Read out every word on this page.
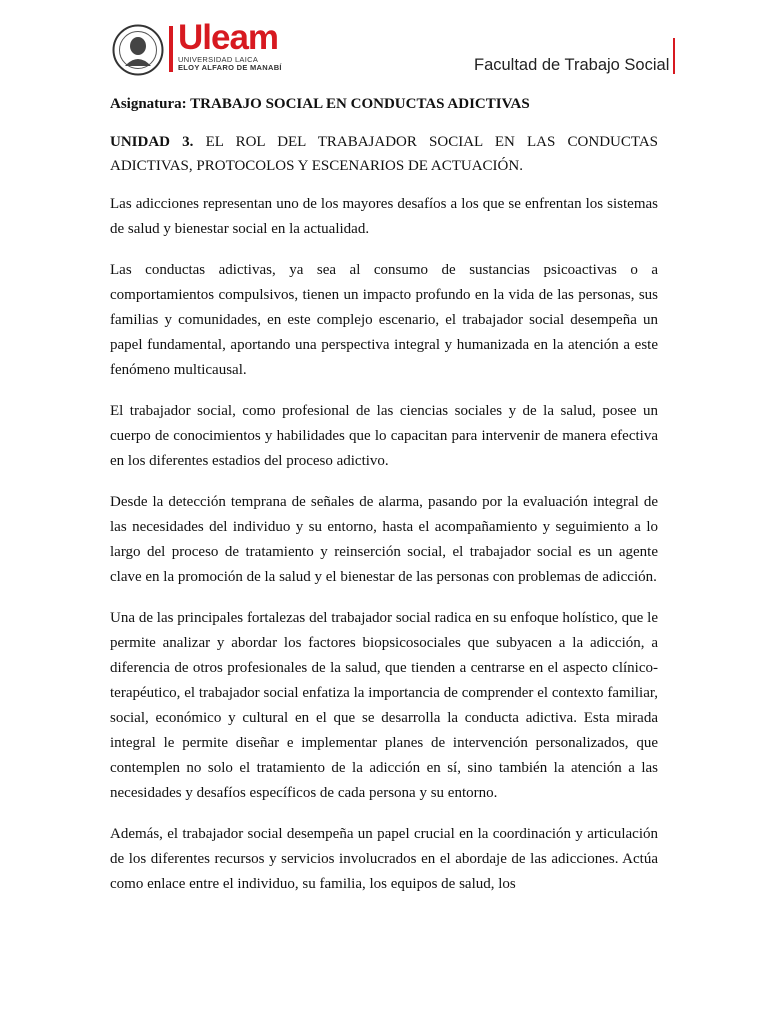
Uleam
UNIVERSIDAD LAICA
ELOY ALFARO DE MANABÍ	Facultad de Trabajo Social

Asignatura: TRABAJO SOCIAL EN CONDUCTAS ADICTIVAS

UNIDAD 3. EL ROL DEL TRABAJADOR SOCIAL EN LAS CONDUCTAS ADICTIVAS, PROTOCOLOS Y ESCENARIOS DE ACTUACIÓN.

Las adicciones representan uno de los mayores desafíos a los que se enfrentan los sistemas de salud y bienestar social en la actualidad.

Las conductas adictivas, ya sea al consumo de sustancias psicoactivas o a comportamientos compulsivos, tienen un impacto profundo en la vida de las personas, sus familias y comunidades, en este complejo escenario, el trabajador social desempeña un papel fundamental, aportando una perspectiva integral y humanizada en la atención a este fenómeno multicausal.

El trabajador social, como profesional de las ciencias sociales y de la salud, posee un cuerpo de conocimientos y habilidades que lo capacitan para intervenir de manera efectiva en los diferentes estadios del proceso adictivo.

Desde la detección temprana de señales de alarma, pasando por la evaluación integral de las necesidades del individuo y su entorno, hasta el acompañamiento y seguimiento a lo largo del proceso de tratamiento y reinserción social, el trabajador social es un agente clave en la promoción de la salud y el bienestar de las personas con problemas de adicción.

Una de las principales fortalezas del trabajador social radica en su enfoque holístico, que le permite analizar y abordar los factores biopsicosociales que subyacen a la adicción, a diferencia de otros profesionales de la salud, que tienden a centrarse en el aspecto clínico-terapéutico, el trabajador social enfatiza la importancia de comprender el contexto familiar, social, económico y cultural en el que se desarrolla la conducta adictiva. Esta mirada integral le permite diseñar e implementar planes de intervención personalizados, que contemplen no solo el tratamiento de la adicción en sí, sino también la atención a las necesidades y desafíos específicos de cada persona y su entorno.

Además, el trabajador social desempeña un papel crucial en la coordinación y articulación de los diferentes recursos y servicios involucrados en el abordaje de las adicciones. Actúa como enlace entre el individuo, su familia, los equipos de salud, los
